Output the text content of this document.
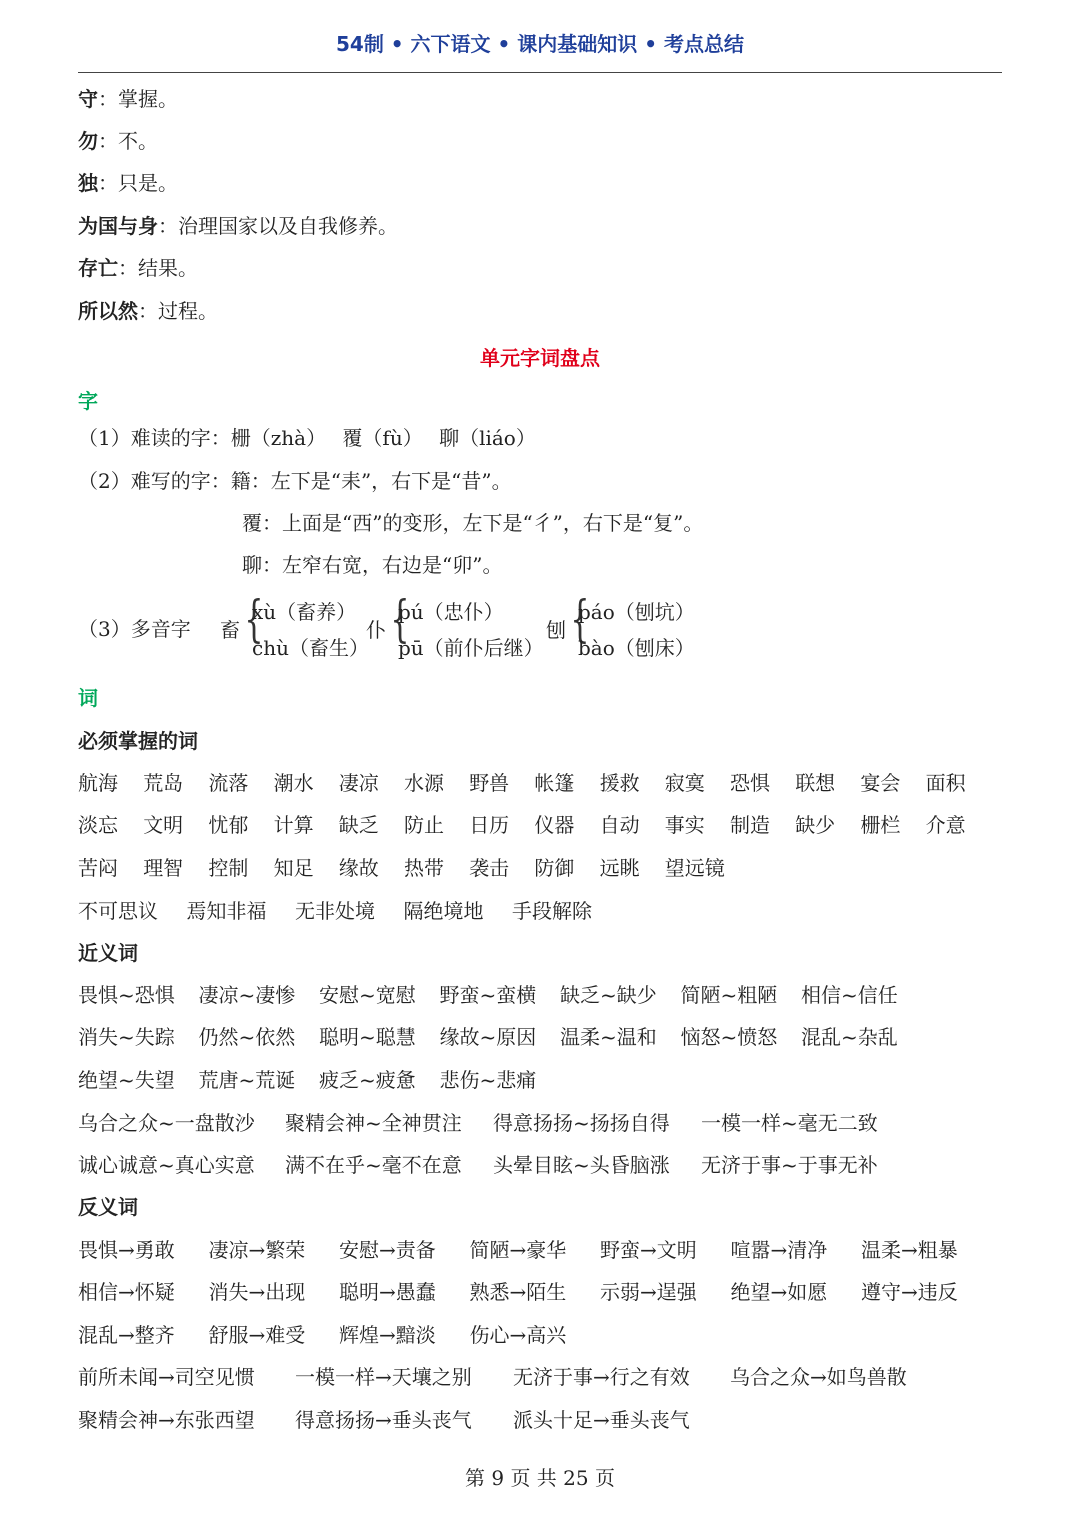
54制 • 六下语文 • 课内基础知识 • 考点总结
守：掌握。
勿：不。
独：只是。
为国与身：治理国家以及自我修养。
存亡：结果。
所以然：过程。
单元字词盘点
字
（1）难读的字：栅（zhà）　 覆（fù）　 聊（liáo）
（2）难写的字：籍：左下是“耒”，右下是“昔”。
覆：上面是“西”的变形，左下是“彳”，右下是“复”。
聊：左窄右宽，右边是“卯”。
（3）多音字 畜 {
xù（畜养）
chù（畜生）
仆 {
pú（忠仆）
pū（前仆后继）
刨 {
páo（刨坑）
bào（刨床）
词
必须掌握的词
航海 荒岛 流落 潮水 凄凉 水源 野兽 帐篷 援救 寂寞 恐惧 联想 宴会 面积
淡忘 文明 忧郁 计算 缺乏 防止 日历 仪器 自动 事实 制造 缺少 栅栏 介意
苦闷 理智 控制 知足 缘故 热带 袭击 防御 远眺 望远镜
不可思议 焉知非福 无非处境 隔绝境地 手段解除
近义词
畏惧~恐惧 凄凉~凄惨 安慰~宽慰 野蛮~蛮横 缺乏~缺少 简陋~粗陋 相信~信任
消失~失踪 仍然~依然 聪明~聪慧 缘故~原因 温柔~温和 恼怒~愤怒 混乱~杂乱
绝望~失望 荒唐~荒诞 疲乏~疲惫 悲伤~悲痛
乌合之众~一盘散沙 聚精会神~全神贯注 得意扬扬~扬扬自得 一模一样~毫无二致
诚心诚意~真心实意 满不在乎~毫不在意 头晕目眩~头昏脑涨 无济于事~于事无补
反义词
畏惧→勇敢 凄凉→繁荣 安慰→责备 简陋→豪华 野蛮→文明 喧嚣→清净 温柔→粗暴
相信→怀疑 消失→出现 聪明→愚蠢 熟悉→陌生 示弱→逞强 绝望→如愿 遵守→违反
混乱→整齐 舒服→难受 辉煌→黯淡 伤心→高兴
前所未闻→司空见惯 一模一样→天壤之别 无济于事→行之有效 乌合之众→如鸟兽散
聚精会神→东张西望 得意扬扬→垂头丧气 派头十足→垂头丧气
第 9 页 共 25 页
